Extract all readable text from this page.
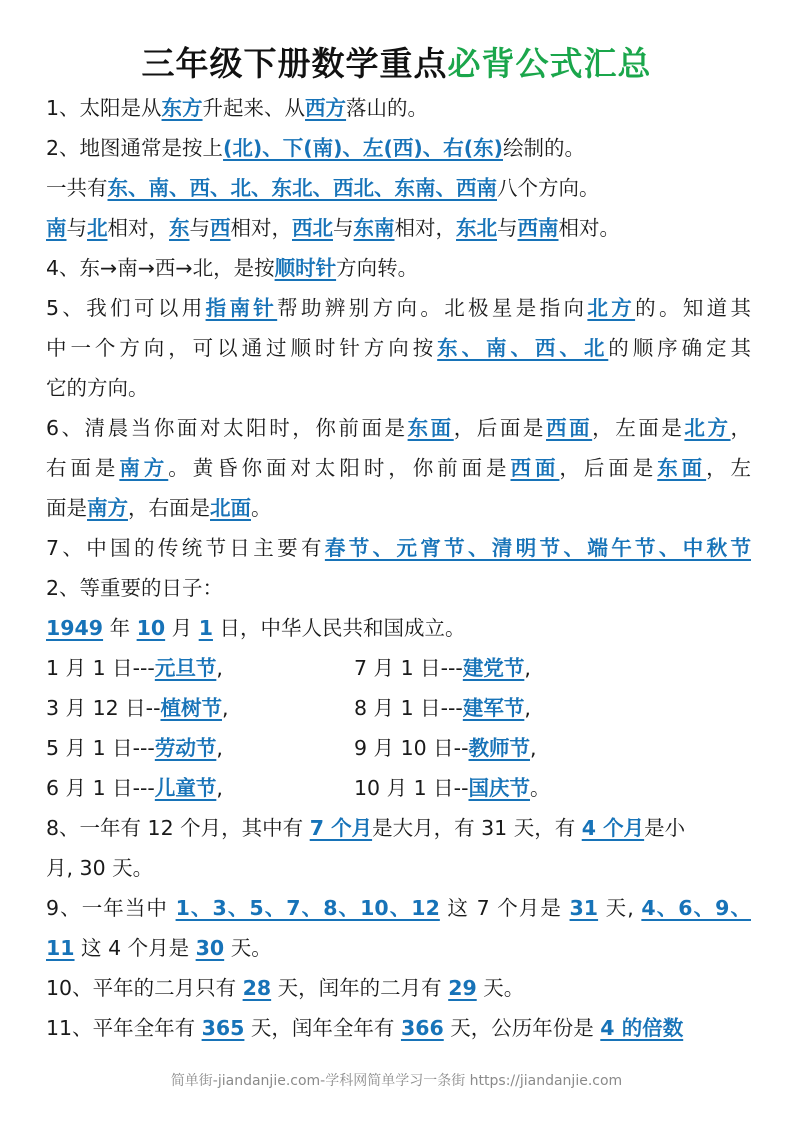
三年级下册数学重点必背公式汇总
1、太阳是从东方升起来、从西方落山的。
2、地图通常是按上(北)、下(南)、左(西)、右(东)绘制的。
一共有东、南、西、北、东北、西北、东南、西南八个方向。
南与北相对，东与西相对，西北与东南相对，东北与西南相对。
4、东→南→西→北，是按顺时针方向转。
5、我们可以用指南针帮助辨别方向。北极星是指向北方的。知道其
中一个方向，可以通过顺时针方向按东、南、西、北的顺序确定其
它的方向。
6、清晨当你面对太阳时，你前面是东面，后面是西面，左面是北方，
右面是南方。黄昏你面对太阳时，你前面是西面，后面是东面，左
面是南方，右面是北面。
7、中国的传统节日主要有春节、元宵节、清明节、端午节、中秋节
2、等重要的日子：
1949 年 10 月 1 日，中华人民共和国成立。
8、一年有 12 个月，其中有 7 个月是大月，有 31 天，有 4 个月是小
月, 30 天。
9、一年当中 1、3、5、7、8、10、12 这 7 个月是 31 天, 4、6、9、
11 这 4 个月是 30 天。
10、平年的二月只有 28 天，闰年的二月有 29 天。
11、平年全年有 365 天，闰年全年有 366 天，公历年份是 4 的倍数
1 月 1 日---元旦节,	7 月 1 日---建党节,
3 月 12 日--植树节,	8 月 1 日---建军节,
5 月 1 日---劳动节,	9 月 10 日--教师节,
6 月 1 日---儿童节,	10 月 1 日--国庆节。
简单街-jiandanjie.com-学科网简单学习一条街 https://jiandanjie.com
